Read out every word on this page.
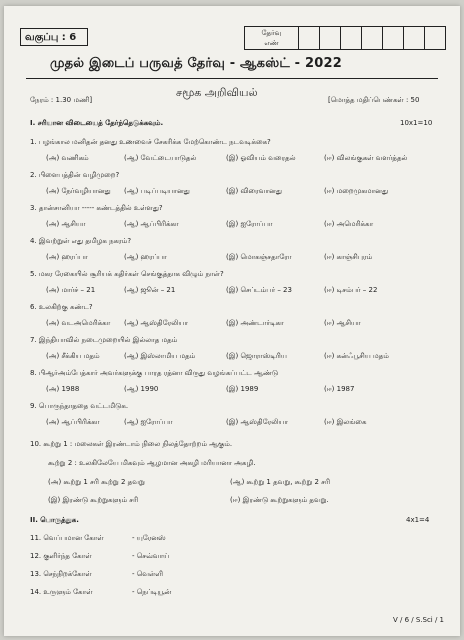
வகுப்பு : 6	தேர்வு
எண்
முதல் இடைப் பருவத் தேர்வு - ஆகஸ்ட் - 2022
சமூக அறிவியல்
நேரம் : 1.30 மணி]	[மொத்த மதிப்பெண்கள் : 50
I. சரியான விடையைத் தேர்ந்தெடுக்கவும்.	10x1=10
10. கூற்று 1 : மலைகள் இரண்டாம் நிலை நிலத்தோற்றம் ஆகும்.
கூற்று 2 : உலகிலேயே மிகவும் ஆழமான அகழி மரியானா அகழி.
(அ) கூற்று 1 சரி கூற்று 2 தவறு	(ஆ) கூற்று 1 தவறு, கூற்று 2 சரி
(இ) இரண்டு கூற்றுகளும் சரி	(ஈ) இரண்டு கூற்றுகளும் தவறு.
II. பொருத்துக.	4x1=4
11. வெப்பமான கோள்	- யுரேனஸ்
12. குளிர்ந்த கோள்	- செவ்வாய்
13. செந்நிறக்கோள்	- வெள்ளி
14. உருளும் கோள்	- நெப்டியூன்
V / 6 / S.Sci / 1
1. பழங்கால மனிதன் தனது உணவைச் சேகரிக்க மேற்கொண்ட நடவடிக்கை?
(அ) வணிகம்	(ஆ) வேட்டையாடுதல்	(இ) ஓவியம் வரைதல்	(ஈ) விலங்குகள் வளர்த்தல்
2. பிளைபத்தின் வழிமுறை?
(அ) நேர்வழியானது (ஆ) படிப்படியானது	(இ) விரைவானது	(ஈ) மறைமுகமானது
3. தான்சானியா ----- கண்டத்தில் உள்ளது?
(அ) ஆசியா	(ஆ) ஆப்பிரிக்கா	(இ) ஐரோப்பா	(ஈ) அமெரிக்கா
4. இவற்றுள் எது தமிழக நகரம்?
(அ) ஹரப்பா	(ஆ) ஹரப்பா	(இ) மொகஞ்சதாரோ	(ஈ) காஞ்சிபுரம்
5. மகர ரேகையில் சூரியக் கதிர்கள் செங்குத்தாக விழும் நாள்?
(அ) மார்ச் – 21	(ஆ) ஜூன் – 21	(இ) செப்டம்பர் – 23	(ஈ) டிசம்பர் – 22
6. உலகிற்கு கண்ட?
(அ) வடஅமெரிக்கா (ஆ) ஆஸ்திரேலியா	(இ) அண்டார்டிகா	(ஈ) ஆசியா
7. இந்தியாவில் நடைமுறையில் இல்லாத மதம்
(அ) சீக்கிய மதம்	(ஆ) இஸ்லாமிய மதம்	(இ) ஜொராஸ்டிரிய	(ஈ) கன்ஃபூசிய மதம்
8. பிஆர்அம்பேத்கார் அவர்களுக்கு பாரத ரத்னா விருது வழங்கப்பட்ட ஆண்டு
(அ) 1988	(ஆ) 1990	(இ) 1989	(ஈ) 1987
9. பொருந்தாததை வட்டமிடுக.
(அ) ஆப்பிரிக்கா	(ஆ) ஐரோப்பா	(இ) ஆஸ்திரேலியா	(ஈ) இலங்கை
